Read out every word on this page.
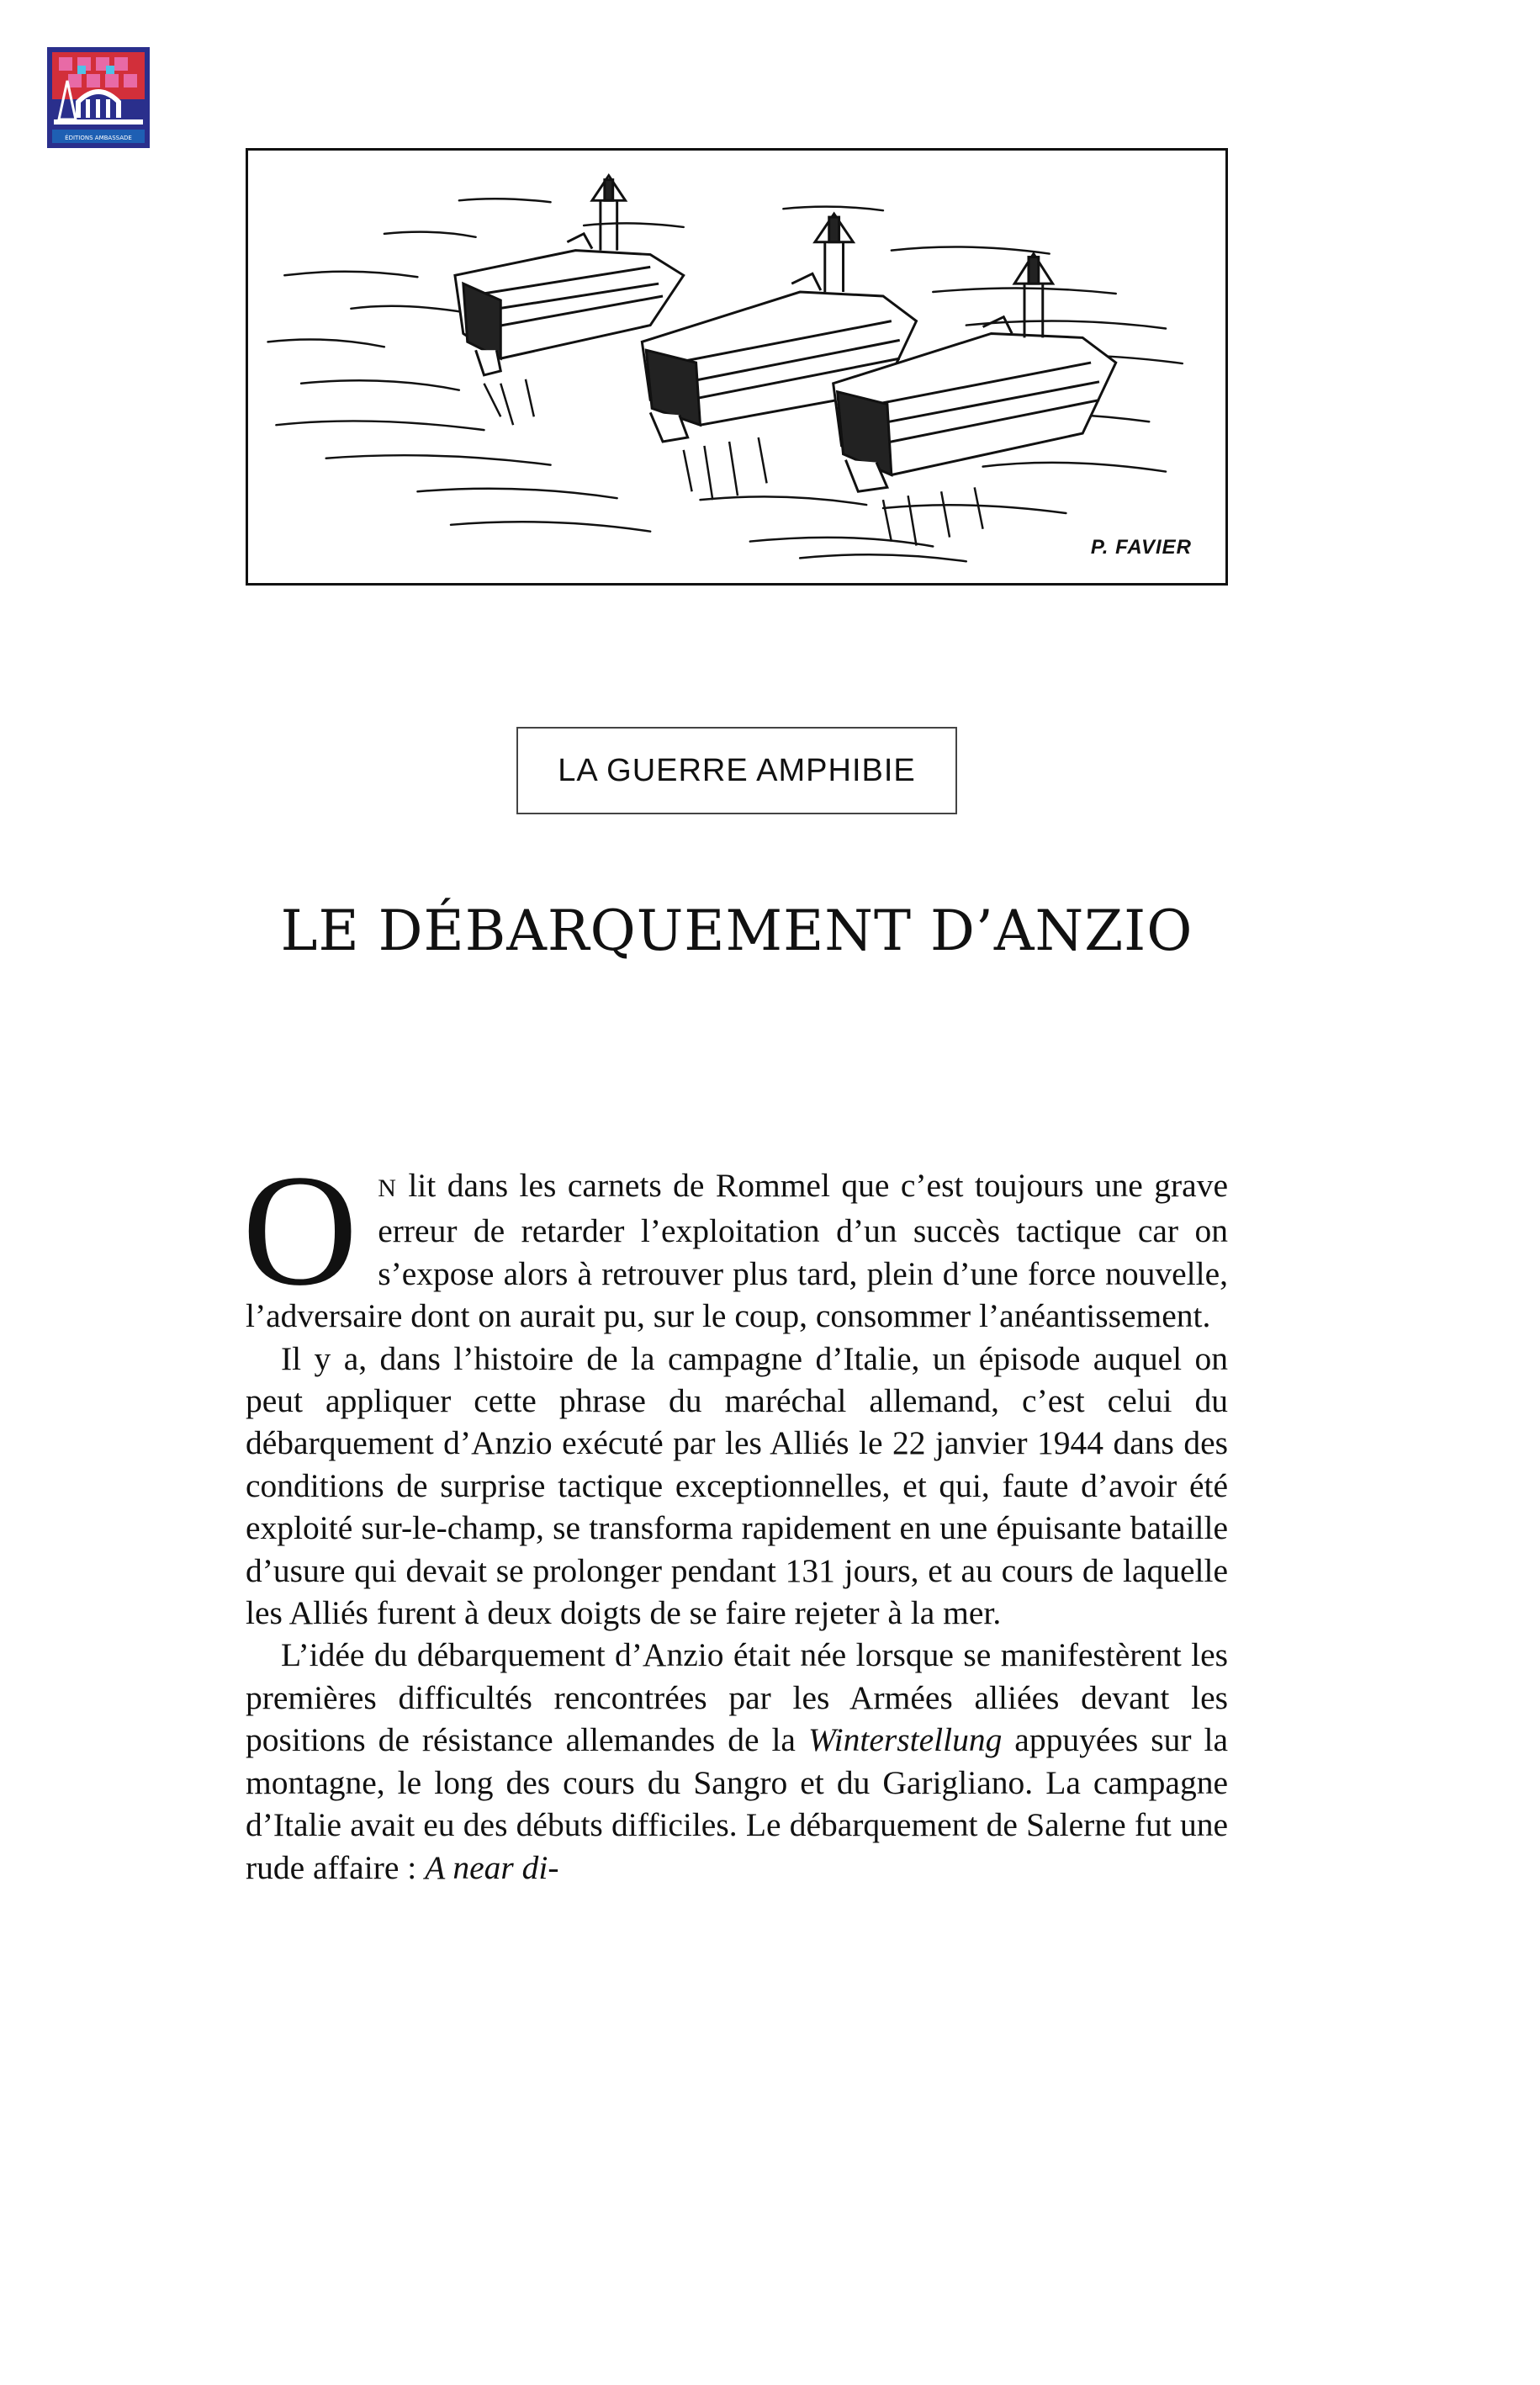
ÉDITIONS AMBASSADE
P. FAVIER
LA GUERRE AMPHIBIE
LE DÉBARQUEMENT D’ANZIO

O N lit dans les carnets de Rommel que c’est toujours une grave erreur de retarder l’exploitation d’un succès tactique car on s’expose alors à retrouver plus tard, plein d’une force nouvelle, l’adversaire dont on aurait pu, sur le coup, consommer l’anéantissement.

Il y a, dans l’histoire de la campagne d’Italie, un épisode auquel on peut appliquer cette phrase du maréchal allemand, c’est celui du débarquement d’Anzio exécuté par les Alliés le 22 janvier 1944 dans des conditions de surprise tactique exceptionnelles, et qui, faute d’avoir été exploité sur-le-champ, se transforma rapidement en une épuisante bataille d’usure qui devait se prolonger pendant 131 jours, et au cours de laquelle les Alliés furent à deux doigts de se faire rejeter à la mer.

L’idée du débarquement d’Anzio était née lorsque se manifestèrent les premières difficultés rencontrées par les Armées alliées devant les positions de résistance allemandes de la Winterstellung appuyées sur la montagne, le long des cours du Sangro et du Garigliano. La campagne d’Italie avait eu des débuts difficiles. Le débarquement de Salerne fut une rude affaire : A near di-
